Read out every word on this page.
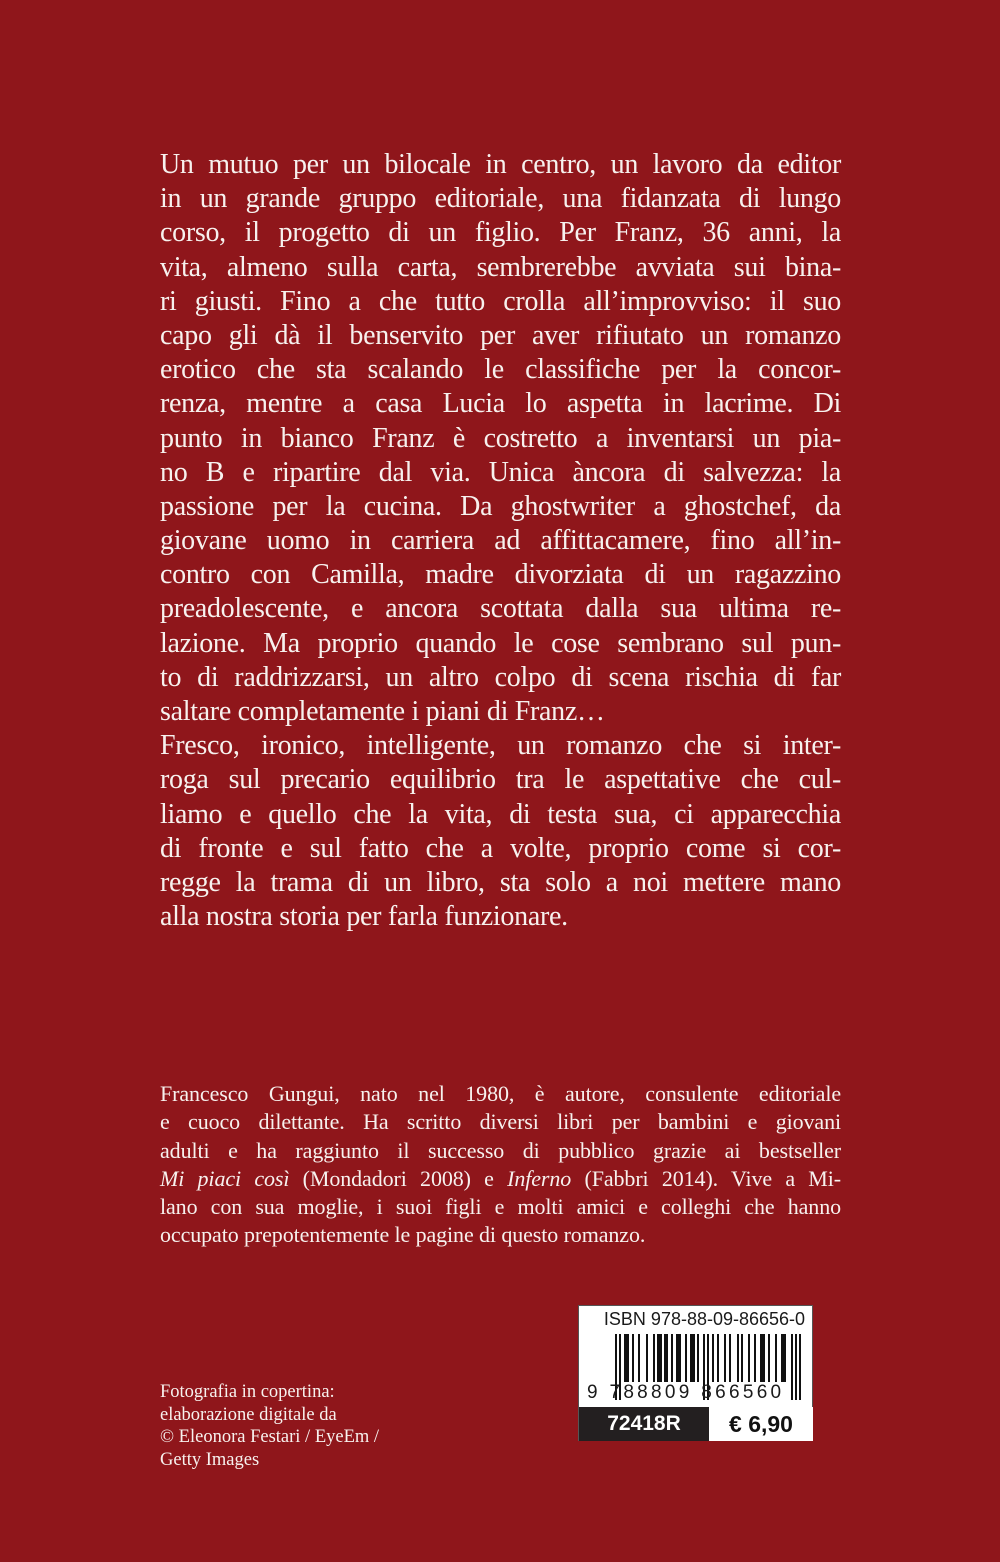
Un mutuo per un bilocale in centro, un lavoro da editor
in un grande gruppo editoriale, una fidanzata di lungo
corso, il progetto di un figlio. Per Franz, 36 anni, la
vita, almeno sulla carta, sembrerebbe avviata sui bina-
ri giusti. Fino a che tutto crolla all’improvviso: il suo
capo gli dà il benservito per aver rifiutato un romanzo
erotico che sta scalando le classifiche per la concor-
renza, mentre a casa Lucia lo aspetta in lacrime. Di
punto in bianco Franz è costretto a inventarsi un pia-
no B e ripartire dal via. Unica àncora di salvezza: la
passione per la cucina. Da ghostwriter a ghostchef, da
giovane uomo in carriera ad affittacamere, fino all’in-
contro con Camilla, madre divorziata di un ragazzino
preadolescente, e ancora scottata dalla sua ultima re-
lazione. Ma proprio quando le cose sembrano sul pun-
to di raddrizzarsi, un altro colpo di scena rischia di far
saltare completamente i piani di Franz…
Fresco, ironico, intelligente, un romanzo che si inter-
roga sul precario equilibrio tra le aspettative che cul-
liamo e quello che la vita, di testa sua, ci apparecchia
di fronte e sul fatto che a volte, proprio come si cor-
regge la trama di un libro, sta solo a noi mettere mano
alla nostra storia per farla funzionare.
Francesco Gungui, nato nel 1980, è autore, consulente editoriale
e cuoco dilettante. Ha scritto diversi libri per bambini e giovani
adulti e ha raggiunto il successo di pubblico grazie ai bestseller
Mi piaci così (Mondadori 2008) e Inferno (Fabbri 2014). Vive a Mi-
lano con sua moglie, i suoi figli e molti amici e colleghi che hanno
occupato prepotentemente le pagine di questo romanzo.
Fotografia in copertina:
elaborazione digitale da
© Eleonora Festari / EyeEm /
Getty Images
ISBN 978-88-09-86656-0
9 788809 866560
72418R	€ 6,90
